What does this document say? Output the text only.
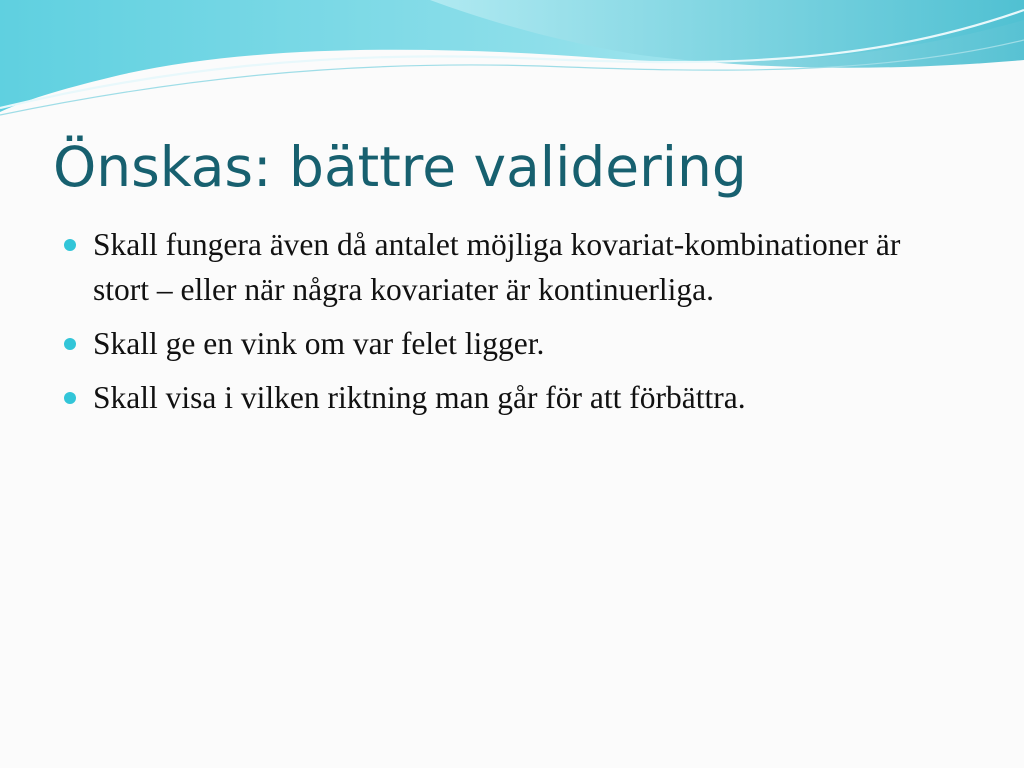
Önskas: bättre validering
Skall fungera även då antalet möjliga kovariat-kombinationer är stort – eller när några kovariater är kontinuerliga.
Skall ge en vink om var felet ligger.
Skall visa i vilken riktning man går för att förbättra.
